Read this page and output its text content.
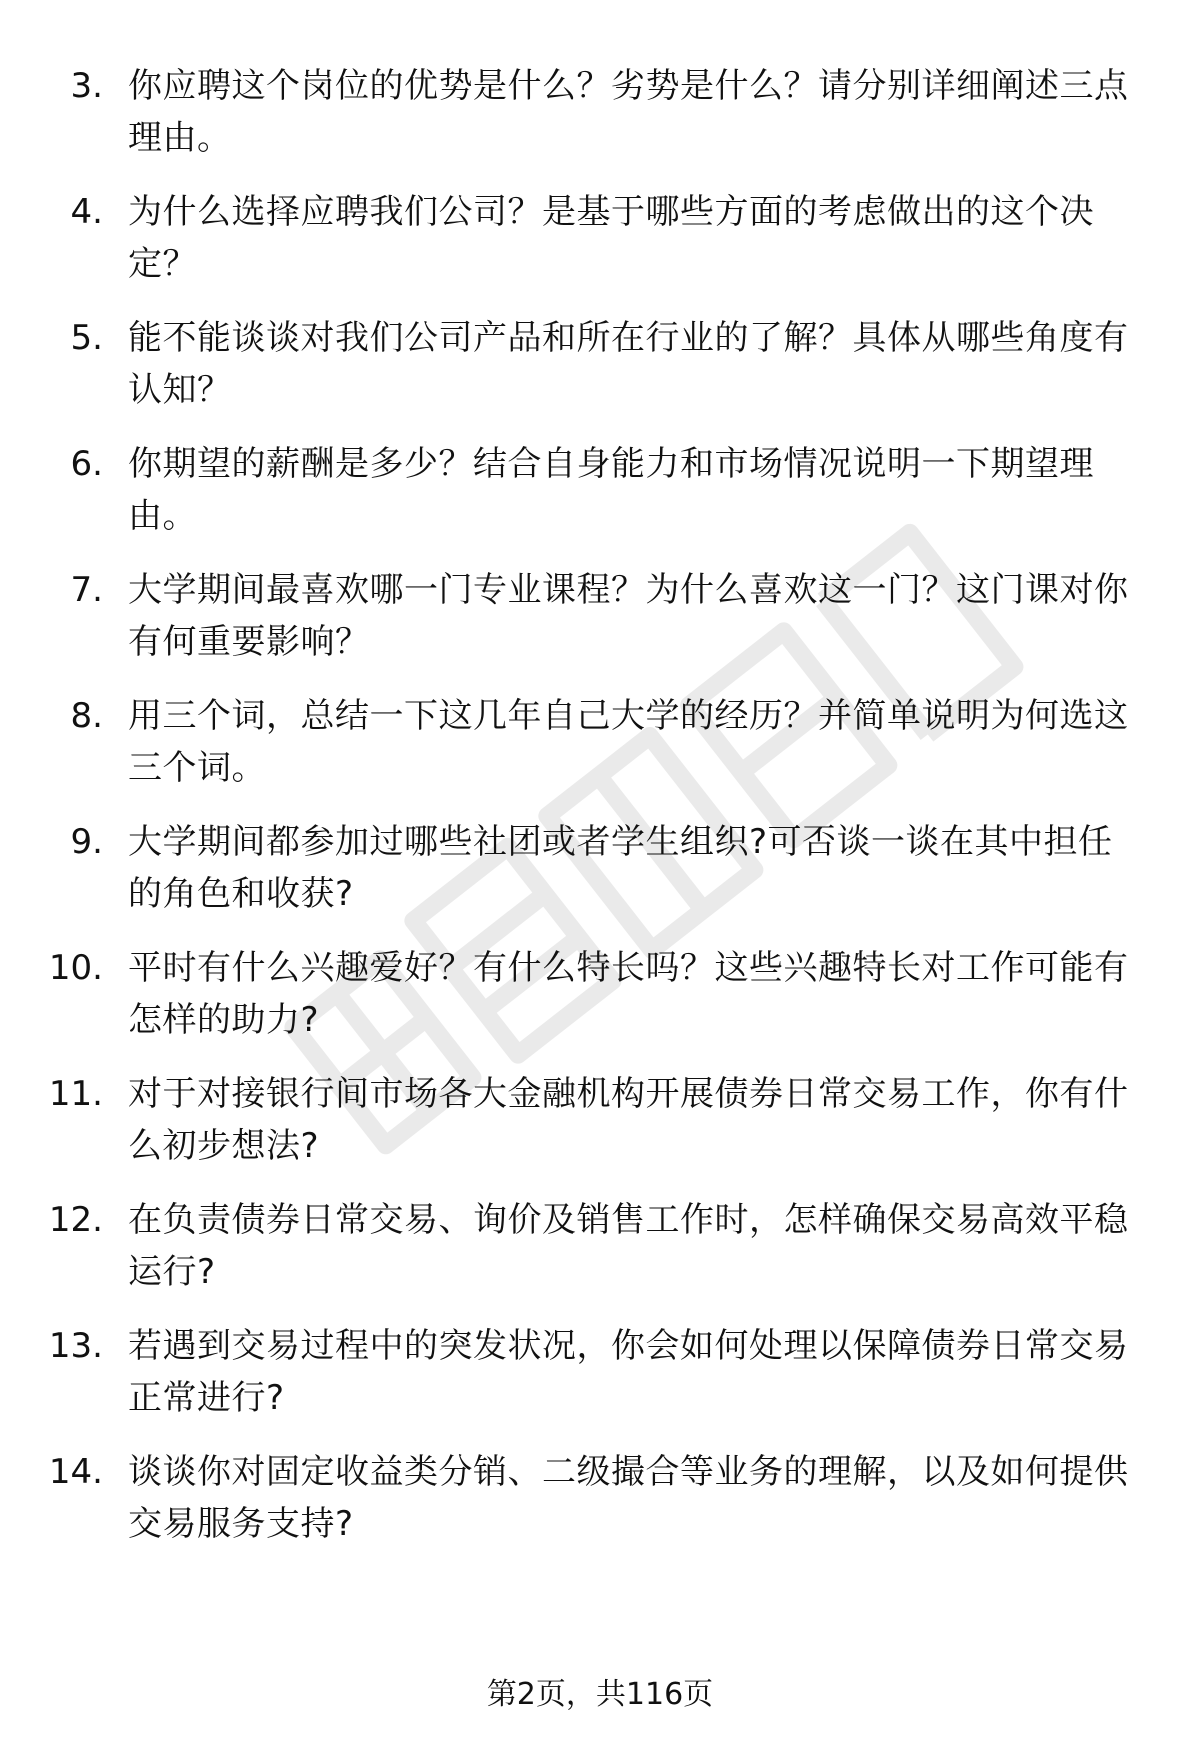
3. 你应聘这个岗位的优势是什么？劣势是什么？请分别详细阐述三点理由。
4. 为什么选择应聘我们公司？是基于哪些方面的考虑做出的这个决定？
5. 能不能谈谈对我们公司产品和所在行业的了解？具体从哪些角度有认知？
6. 你期望的薪酬是多少？结合自身能力和市场情况说明一下期望理由。
7. 大学期间最喜欢哪一门专业课程？为什么喜欢这一门？这门课对你有何重要影响？
8. 用三个词，总结一下这几年自己大学的经历？并简单说明为何选这三个词。
9. 大学期间都参加过哪些社团或者学生组织?可否谈一谈在其中担任的角色和收获?
10. 平时有什么兴趣爱好？有什么特长吗？这些兴趣特长对工作可能有怎样的助力?
11. 对于对接银行间市场各大金融机构开展债券日常交易工作，你有什么初步想法?
12. 在负责债券日常交易、询价及销售工作时，怎样确保交易高效平稳运行?
13. 若遇到交易过程中的突发状况，你会如何处理以保障债券日常交易正常进行?
14. 谈谈你对固定收益类分销、二级撮合等业务的理解，以及如何提供交易服务支持?
第2页，共116页
